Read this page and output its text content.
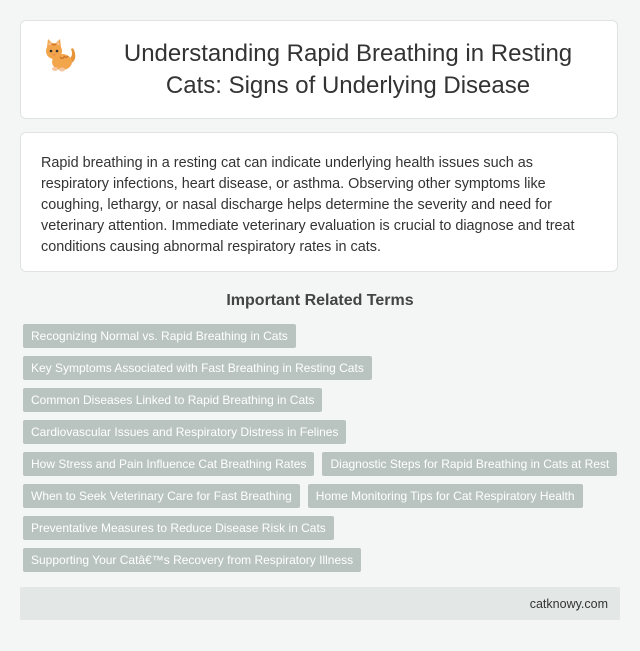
Understanding Rapid Breathing in Resting Cats: Signs of Underlying Disease

Rapid breathing in a resting cat can indicate underlying health issues such as respiratory infections, heart disease, or asthma. Observing other symptoms like coughing, lethargy, or nasal discharge helps determine the severity and need for veterinary attention. Immediate veterinary evaluation is crucial to diagnose and treat conditions causing abnormal respiratory rates in cats.

Important Related Terms
Recognizing Normal vs. Rapid Breathing in Cats
Key Symptoms Associated with Fast Breathing in Resting Cats
Common Diseases Linked to Rapid Breathing in Cats
Cardiovascular Issues and Respiratory Distress in Felines
How Stress and Pain Influence Cat Breathing Rates	Diagnostic Steps for Rapid Breathing in Cats at Rest
When to Seek Veterinary Care for Fast Breathing	Home Monitoring Tips for Cat Respiratory Health
Preventative Measures to Reduce Disease Risk in Cats
Supporting Your Catâ€™s Recovery from Respiratory Illness
catknowy.com
